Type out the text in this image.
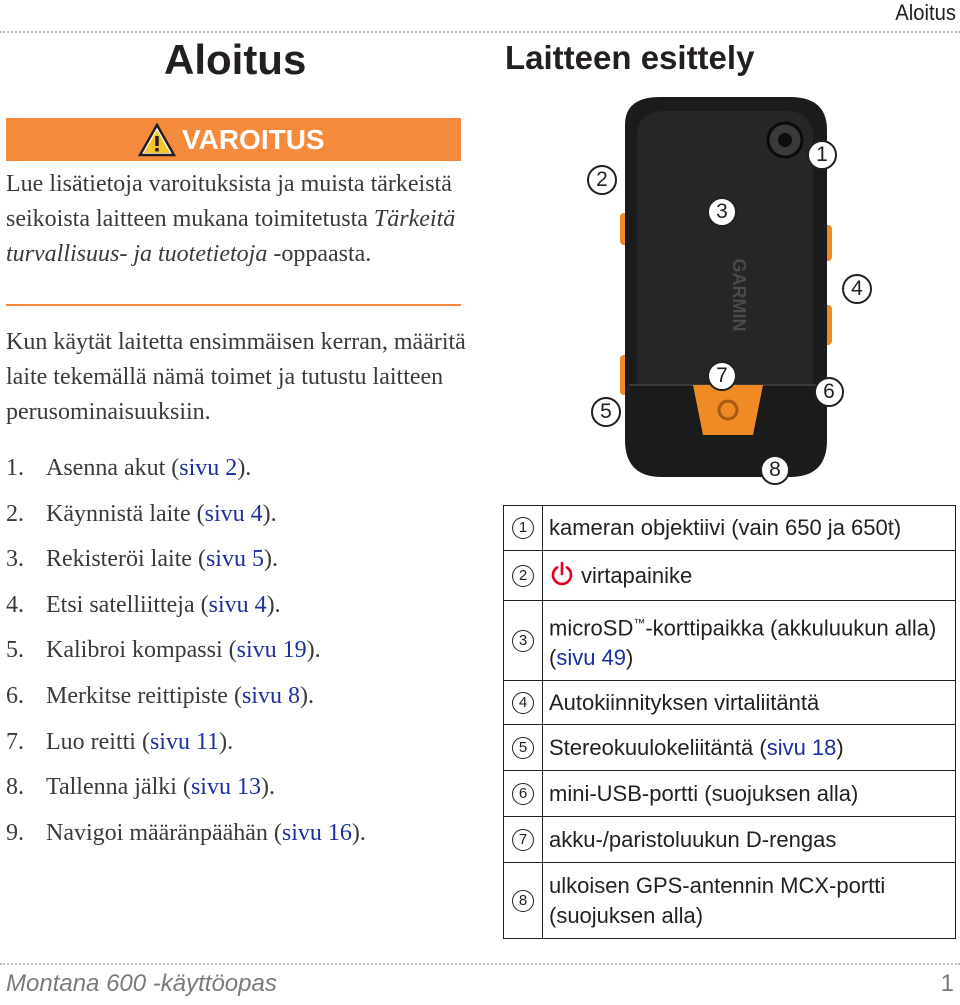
Aloitus
Aloitus
VAROITUS

Lue lisätietoja varoituksista ja muista tärkeistä seikoista laitteen mukana toimitetusta Tärkeitä turvallisuus- ja tuotetietoja -oppaasta.

Kun käytät laitetta ensimmäisen kerran, määritä laite tekemällä nämä toimet ja tutustu laitteen perusominaisuuksiin.

1. Asenna akut (sivu 2).
2. Käynnistä laite (sivu 4).
3. Rekisteröi laite (sivu 5).
4. Etsi satelliitteja (sivu 4).
5. Kalibroi kompassi (sivu 19).
6. Merkitse reittipiste (sivu 8).
7. Luo reitti (sivu 11).
8. Tallenna jälki (sivu 13).
9. Navigoi määränpäähän (sivu 16).
Laitteen esittely
GARMIN
1
2
3
4
5
6
7
8
1	kameran objektiivi (vain 650 ja 650t)
2	virtapainike
3	microSD™-korttipaikka (akkuluukun alla) (sivu 49)
4	Autokiinnityksen virtaliitäntä
5	Stereokuulokeliitäntä (sivu 18)
6	mini-USB-portti (suojuksen alla)
7	akku-/paristoluukun D-rengas
8	ulkoisen GPS-antennin MCX-portti (suojuksen alla)
Montana 600 -käyttöopas	1
